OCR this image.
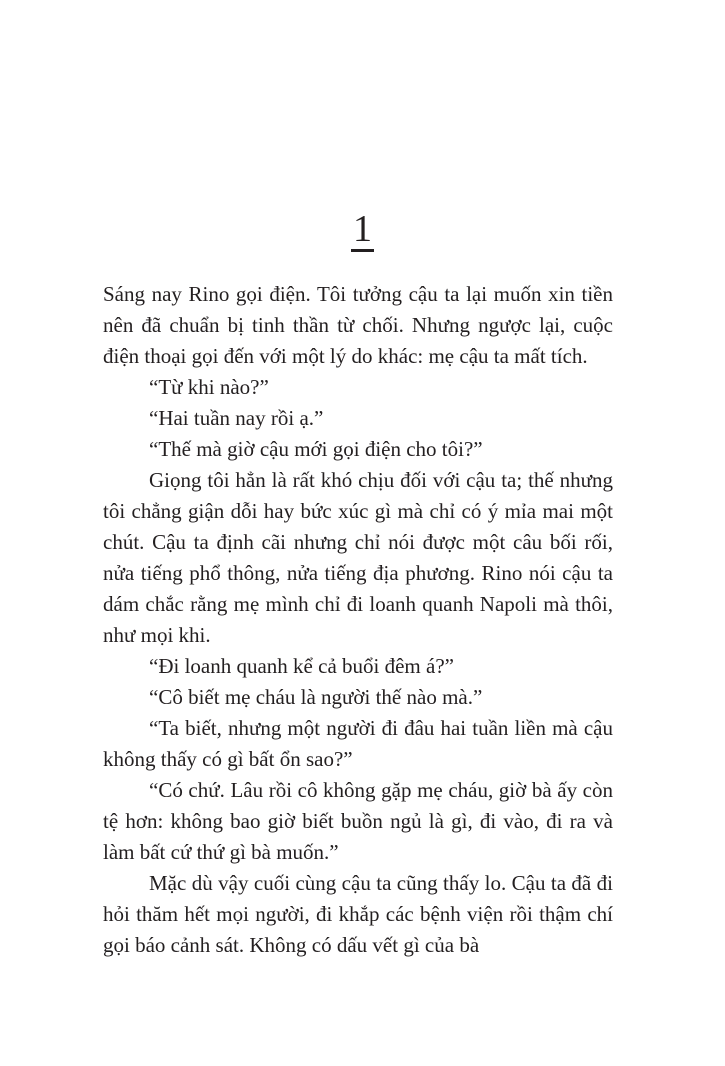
1

Sáng nay Rino gọi điện. Tôi tưởng cậu ta lại muốn xin tiền nên đã chuẩn bị tinh thần từ chối. Nhưng ngược lại, cuộc điện thoại gọi đến với một lý do khác: mẹ cậu ta mất tích.

“Từ khi nào?”

“Hai tuần nay rồi ạ.”

“Thế mà giờ cậu mới gọi điện cho tôi?”

Giọng tôi hẳn là rất khó chịu đối với cậu ta; thế nhưng tôi chẳng giận dỗi hay bức xúc gì mà chỉ có ý mỉa mai một chút. Cậu ta định cãi nhưng chỉ nói được một câu bối rối, nửa tiếng phổ thông, nửa tiếng địa phương. Rino nói cậu ta dám chắc rằng mẹ mình chỉ đi loanh quanh Napoli mà thôi, như mọi khi.

“Đi loanh quanh kể cả buổi đêm á?”

“Cô biết mẹ cháu là người thế nào mà.”

“Ta biết, nhưng một người đi đâu hai tuần liền mà cậu không thấy có gì bất ổn sao?”

“Có chứ. Lâu rồi cô không gặp mẹ cháu, giờ bà ấy còn tệ hơn: không bao giờ biết buồn ngủ là gì, đi vào, đi ra và làm bất cứ thứ gì bà muốn.”

Mặc dù vậy cuối cùng cậu ta cũng thấy lo. Cậu ta đã đi hỏi thăm hết mọi người, đi khắp các bệnh viện rồi thậm chí gọi báo cảnh sát. Không có dấu vết gì của bà
